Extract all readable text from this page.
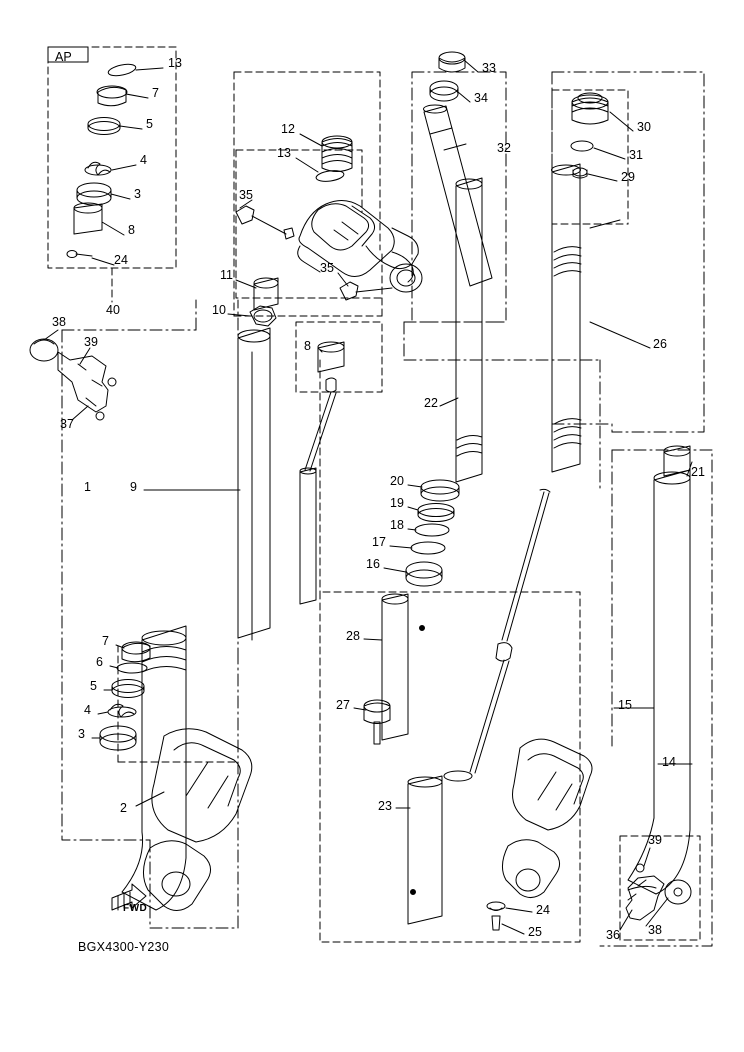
13
7
5
4
3
8
24
40
12
13
35
35
33
34
32
30
31
29
26
22
21
38
39
37
11
10
8
1	9
7
6
5
4
3
2
20
19
18
17
16
28
27
23
24
25
15
14
39
38
36
AP
FWD
BGX4300-Y230
